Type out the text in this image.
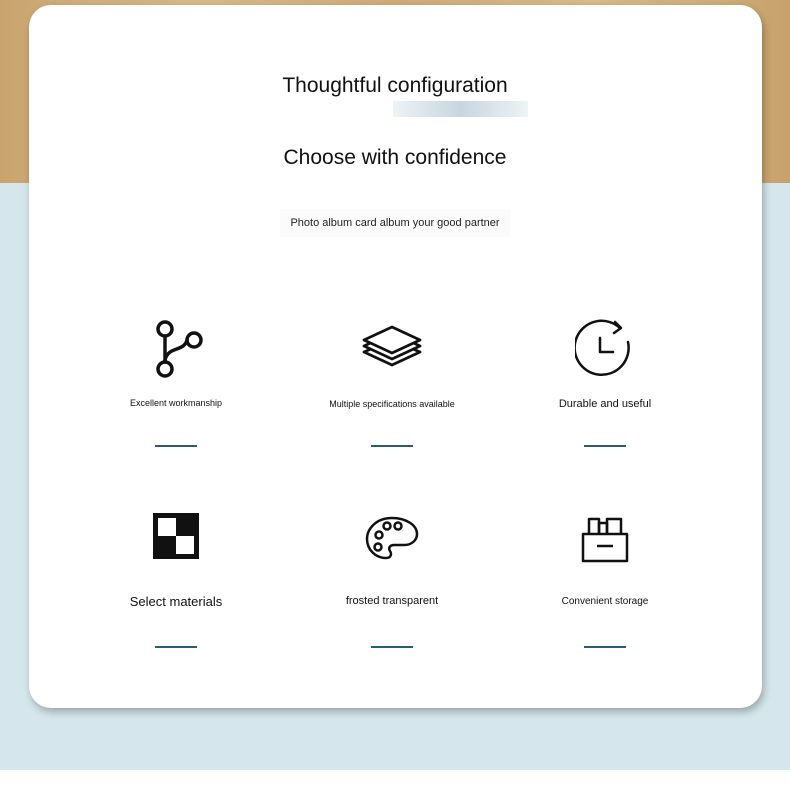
Thoughtful configuration
Choose with confidence
Photo album card album your good partner
Excellent workmanship	Multiple specifications available	Durable and useful
Select materials	frosted transparent	Convenient storage
